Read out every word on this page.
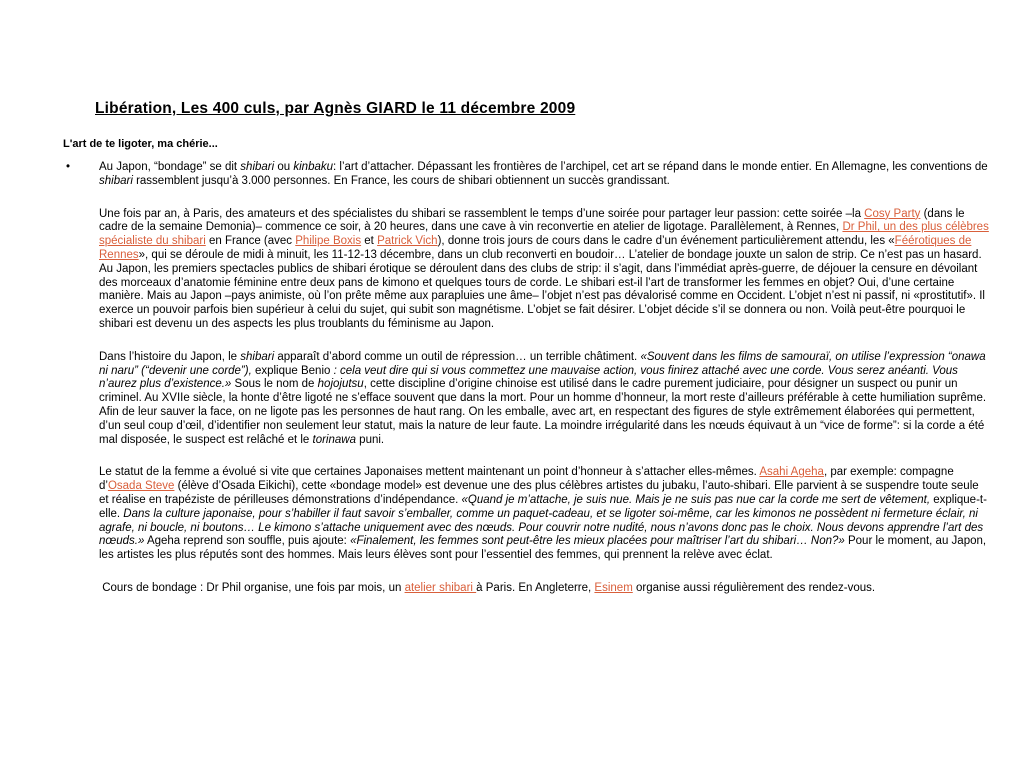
Libération, Les 400 culs, par Agnès GIARD le 11 décembre 2009
L'art de te ligoter, ma chérie...

•	Au Japon, “bondage” se dit shibari ou kinbaku: l’art d’attacher. Dépassant les frontières de l’archipel, cet art se répand dans le monde entier. En Allemagne, les conventions de shibari rassemblent jusqu’à 3.000 personnes. En France, les cours de shibari obtiennent un succès grandissant.

Une fois par an, à Paris, des amateurs et des spécialistes du shibari se rassemblent le temps d’une soirée pour partager leur passion: cette soirée –la Cosy Party (dans le cadre de la semaine Demonia)– commence ce soir, à 20 heures, dans une cave à vin reconvertie en atelier de ligotage. Parallèlement, à Rennes, Dr Phil, un des plus célèbres spécialiste du shibari en France (avec Philipe Boxis et Patrick Vich), donne trois jours de cours dans le cadre d’un événement particulièrement attendu, les «Féérotiques de Rennes», qui se déroule de midi à minuit, les 11-12-13 décembre, dans un club reconverti en boudoir… L’atelier de bondage jouxte un salon de strip. Ce n’est pas un hasard. Au Japon, les premiers spectacles publics de shibari érotique se déroulent dans des clubs de strip: il s’agit, dans l’immédiat après-guerre, de déjouer la censure en dévoilant des morceaux d’anatomie féminine entre deux pans de kimono et quelques tours de corde. Le shibari est-il l’art de transformer les femmes en objet? Oui, d’une certaine manière. Mais au Japon –pays animiste, où l’on prête même aux parapluies une âme– l’objet n’est pas dévalorisé comme en Occident. L’objet n’est ni passif, ni «prostitutif». Il exerce un pouvoir parfois bien supérieur à celui du sujet, qui subit son magnétisme. L’objet se fait désirer. L’objet décide s’il se donnera ou non. Voilà peut-être pourquoi le shibari est devenu un des aspects les plus troublants du féminisme au Japon.

Dans l’histoire du Japon, le shibari apparaît d’abord comme un outil de répression… un terrible châtiment. «Souvent dans les films de samouraï, on utilise l’expression “onawa ni naru” (“devenir une corde”), explique Benio : cela veut dire qui si vous commettez une mauvaise action, vous finirez attaché avec une corde. Vous serez anéanti. Vous n’aurez plus d’existence.» Sous le nom de hojojutsu, cette discipline d’origine chinoise est utilisé dans le cadre purement judiciaire, pour désigner un suspect ou punir un criminel. Au XVIIe siècle, la honte d’être ligoté ne s’efface souvent que dans la mort. Pour un homme d’honneur, la mort reste d’ailleurs préférable à cette humiliation suprême. Afin de leur sauver la face, on ne ligote pas les personnes de haut rang. On les emballe, avec art, en respectant des figures de style extrêmement élaborées qui permettent, d’un seul coup d’œil, d’identifier non seulement leur statut, mais la nature de leur faute. La moindre irrégularité dans les nœuds équivaut à un “vice de forme”: si la corde a été mal disposée, le suspect est relâché et le torinawa puni.

Le statut de la femme a évolué si vite que certaines Japonaises mettent maintenant un point d’honneur à s’attacher elles-mêmes. Asahi Ageha, par exemple: compagne d’Osada Steve (élève d’Osada Eikichi), cette «bondage model» est devenue une des plus célèbres artistes du jubaku, l’auto-shibari. Elle parvient à se suspendre toute seule et réalise en trapéziste de périlleuses démonstrations d’indépendance. «Quand je m’attache, je suis nue. Mais je ne suis pas nue car la corde me sert de vêtement, explique-t-elle. Dans la culture japonaise, pour s’habiller il faut savoir s’emballer, comme un paquet-cadeau, et se ligoter soi-même, car les kimonos ne possèdent ni fermeture éclair, ni agrafe, ni boucle, ni boutons… Le kimono s’attache uniquement avec des nœuds. Pour couvrir notre nudité, nous n’avons donc pas le choix. Nous devons apprendre l’art des nœuds.» Ageha reprend son souffle, puis ajoute: «Finalement, les femmes sont peut-être les mieux placées pour maîtriser l’art du shibari… Non?» Pour le moment, au Japon, les artistes les plus réputés sont des hommes. Mais leurs élèves sont pour l’essentiel des femmes, qui prennent la relève avec éclat.

Cours de bondage : Dr Phil organise, une fois par mois, un atelier shibari à Paris. En Angleterre, Esinem organise aussi régulièrement des rendez-vous.
